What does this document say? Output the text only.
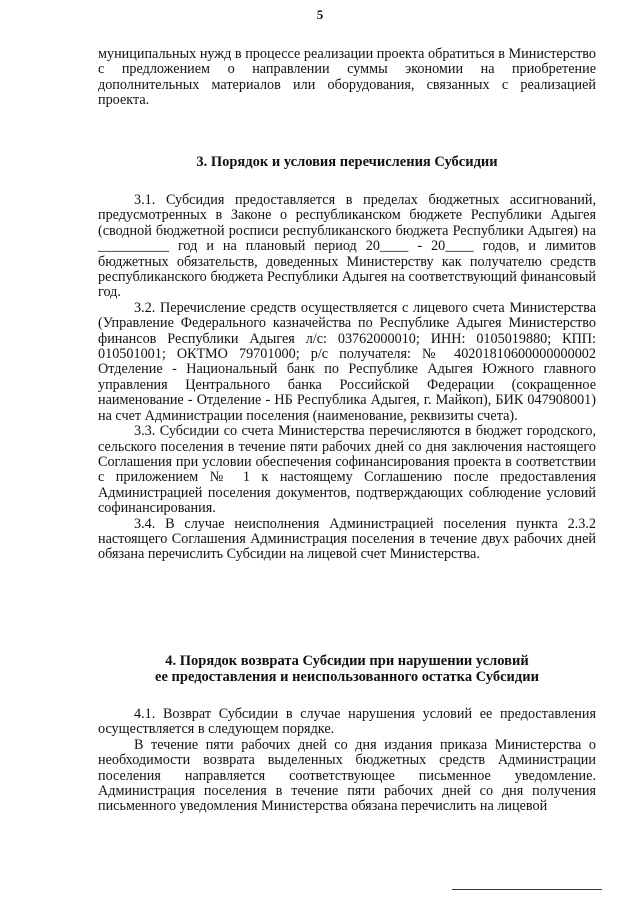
5

муниципальных нужд в процессе реализации проекта обратиться в Министерство с предложением о направлении суммы экономии на приобретение дополнительных материалов или оборудования, связанных с реализацией проекта.

3. Порядок и условия перечисления Субсидии

3.1. Субсидия предоставляется в пределах бюджетных ассигнований, предусмотренных в Законе о республиканском бюджете Республики Адыгея (сводной бюджетной росписи республиканского бюджета Республики Адыгея) на __________ год и на плановый период 20____ - 20____ годов, и лимитов бюджетных обязательств, доведенных Министерству как получателю средств республиканского бюджета Республики Адыгея на соответствующий финансовый год.

3.2. Перечисление средств осуществляется с лицевого счета Министерства (Управление Федерального казначейства по Республике Адыгея Министерство финансов Республики Адыгея л/с: 03762000010; ИНН: 0105019880; КПП: 010501001; ОКТМО 79701000; р/с получателя: № 40201810600000000002 Отделение - Национальный банк по Республике Адыгея Южного главного управления Центрального банка Российской Федерации (сокращенное наименование - Отделение - НБ Республика Адыгея, г. Майкоп), БИК 047908001) на счет Администрации поселения (наименование, реквизиты счета).

3.3. Субсидии со счета Министерства перечисляются в бюджет городского, сельского поселения в течение пяти рабочих дней со дня заключения настоящего Соглашения при условии обеспечения софинансирования проекта в соответствии с приложением № 1 к настоящему Соглашению после предоставления Администрацией поселения документов, подтверждающих соблюдение условий софинансирования.

3.4. В случае неисполнения Администрацией поселения пункта 2.3.2 настоящего Соглашения Администрация поселения в течение двух рабочих дней обязана перечислить Субсидии на лицевой счет Министерства.

4. Порядок возврата Субсидии при нарушении условий
ее предоставления и неиспользованного остатка Субсидии

4.1. Возврат Субсидии в случае нарушения условий ее предоставления осуществляется в следующем порядке.

В течение пяти рабочих дней со дня издания приказа Министерства о необходимости возврата выделенных бюджетных средств Администрации поселения направляется соответствующее письменное уведомление. Администрация поселения в течение пяти рабочих дней со дня получения письменного уведомления Министерства обязана перечислить на лицевой
